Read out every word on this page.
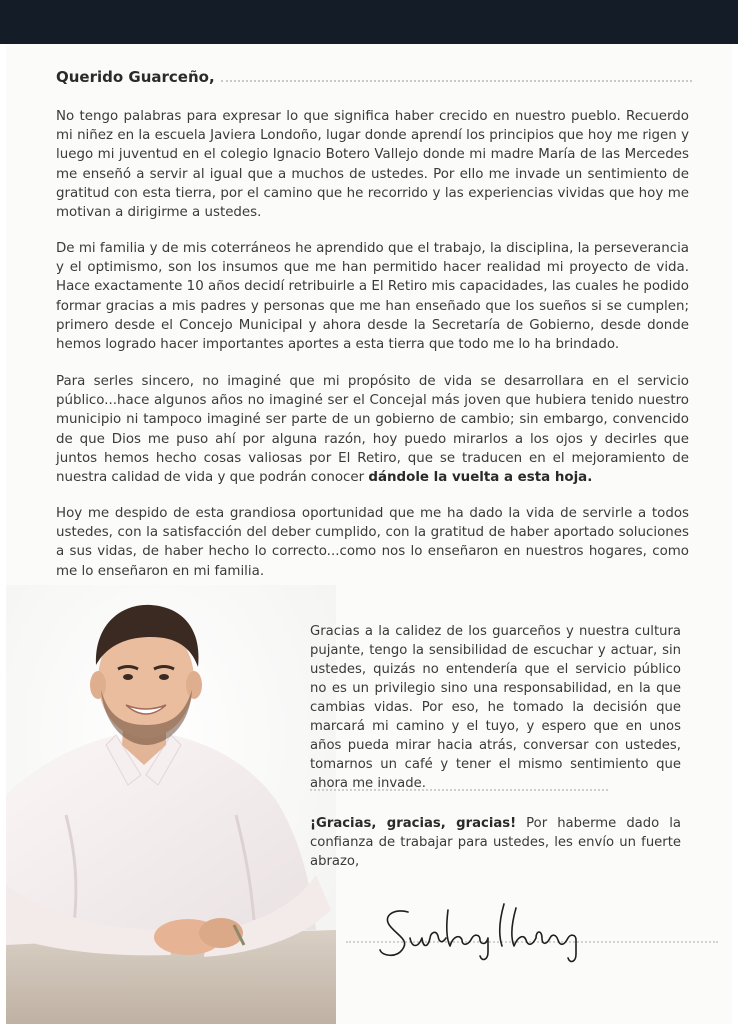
Querido Guarceño,

No tengo palabras para expresar lo que significa haber crecido en nuestro pueblo. Recuerdo mi niñez en la escuela Javiera Londoño, lugar donde aprendí los principios que hoy me rigen y luego mi juventud en el colegio Ignacio Botero Vallejo donde mi madre María de las Mercedes me enseñó a servir al igual que a muchos de ustedes. Por ello me invade un sentimiento de gratitud con esta tierra, por el camino que he recorrido y las experiencias vividas que hoy me motivan a dirigirme a ustedes.

De mi familia y de mis coterráneos he aprendido que el trabajo, la disciplina, la perseverancia y el optimismo, son los insumos que me han permitido hacer realidad mi proyecto de vida. Hace exactamente 10 años decidí retribuirle a El Retiro mis capacidades, las cuales he podido formar gracias a mis padres y personas que me han enseñado que los sueños si se cumplen; primero desde el Concejo Municipal y ahora desde la Secretaría de Gobierno, desde donde hemos logrado hacer importantes aportes a esta tierra que todo me lo ha brindado.

Para serles sincero, no imaginé que mi propósito de vida se desarrollara en el servicio público...hace algunos años no imaginé ser el Concejal más joven que hubiera tenido nuestro municipio ni tampoco imaginé ser parte de un gobierno de cambio; sin embargo, convencido de que Dios me puso ahí por alguna razón, hoy puedo mirarlos a los ojos y decirles que juntos hemos hecho cosas valiosas por El Retiro, que se traducen en el mejoramiento de nuestra calidad de vida y que podrán conocer dándole la vuelta a esta hoja.

Hoy me despido de esta grandiosa oportunidad que me ha dado la vida de servirle a todos ustedes, con la satisfacción del deber cumplido, con la gratitud de haber aportado soluciones a sus vidas, de haber hecho lo correcto...como nos lo enseñaron en nuestros hogares, como me lo enseñaron en mi familia.

Gracias a la calidez de los guarceños y nuestra cultura pujante, tengo la sensibilidad de escuchar y actuar, sin ustedes, quizás no entendería que el servicio público no es un privilegio sino una responsabilidad, en la que cambias vidas. Por eso, he tomado la decisión que marcará mi camino y el tuyo, y espero que en unos años pueda mirar hacia atrás, conversar con ustedes, tomarnos un café y tener el mismo sentimiento que ahora me invade.

¡Gracias, gracias, gracias! Por haberme dado la confianza de trabajar para ustedes, les envío un fuerte abrazo,
